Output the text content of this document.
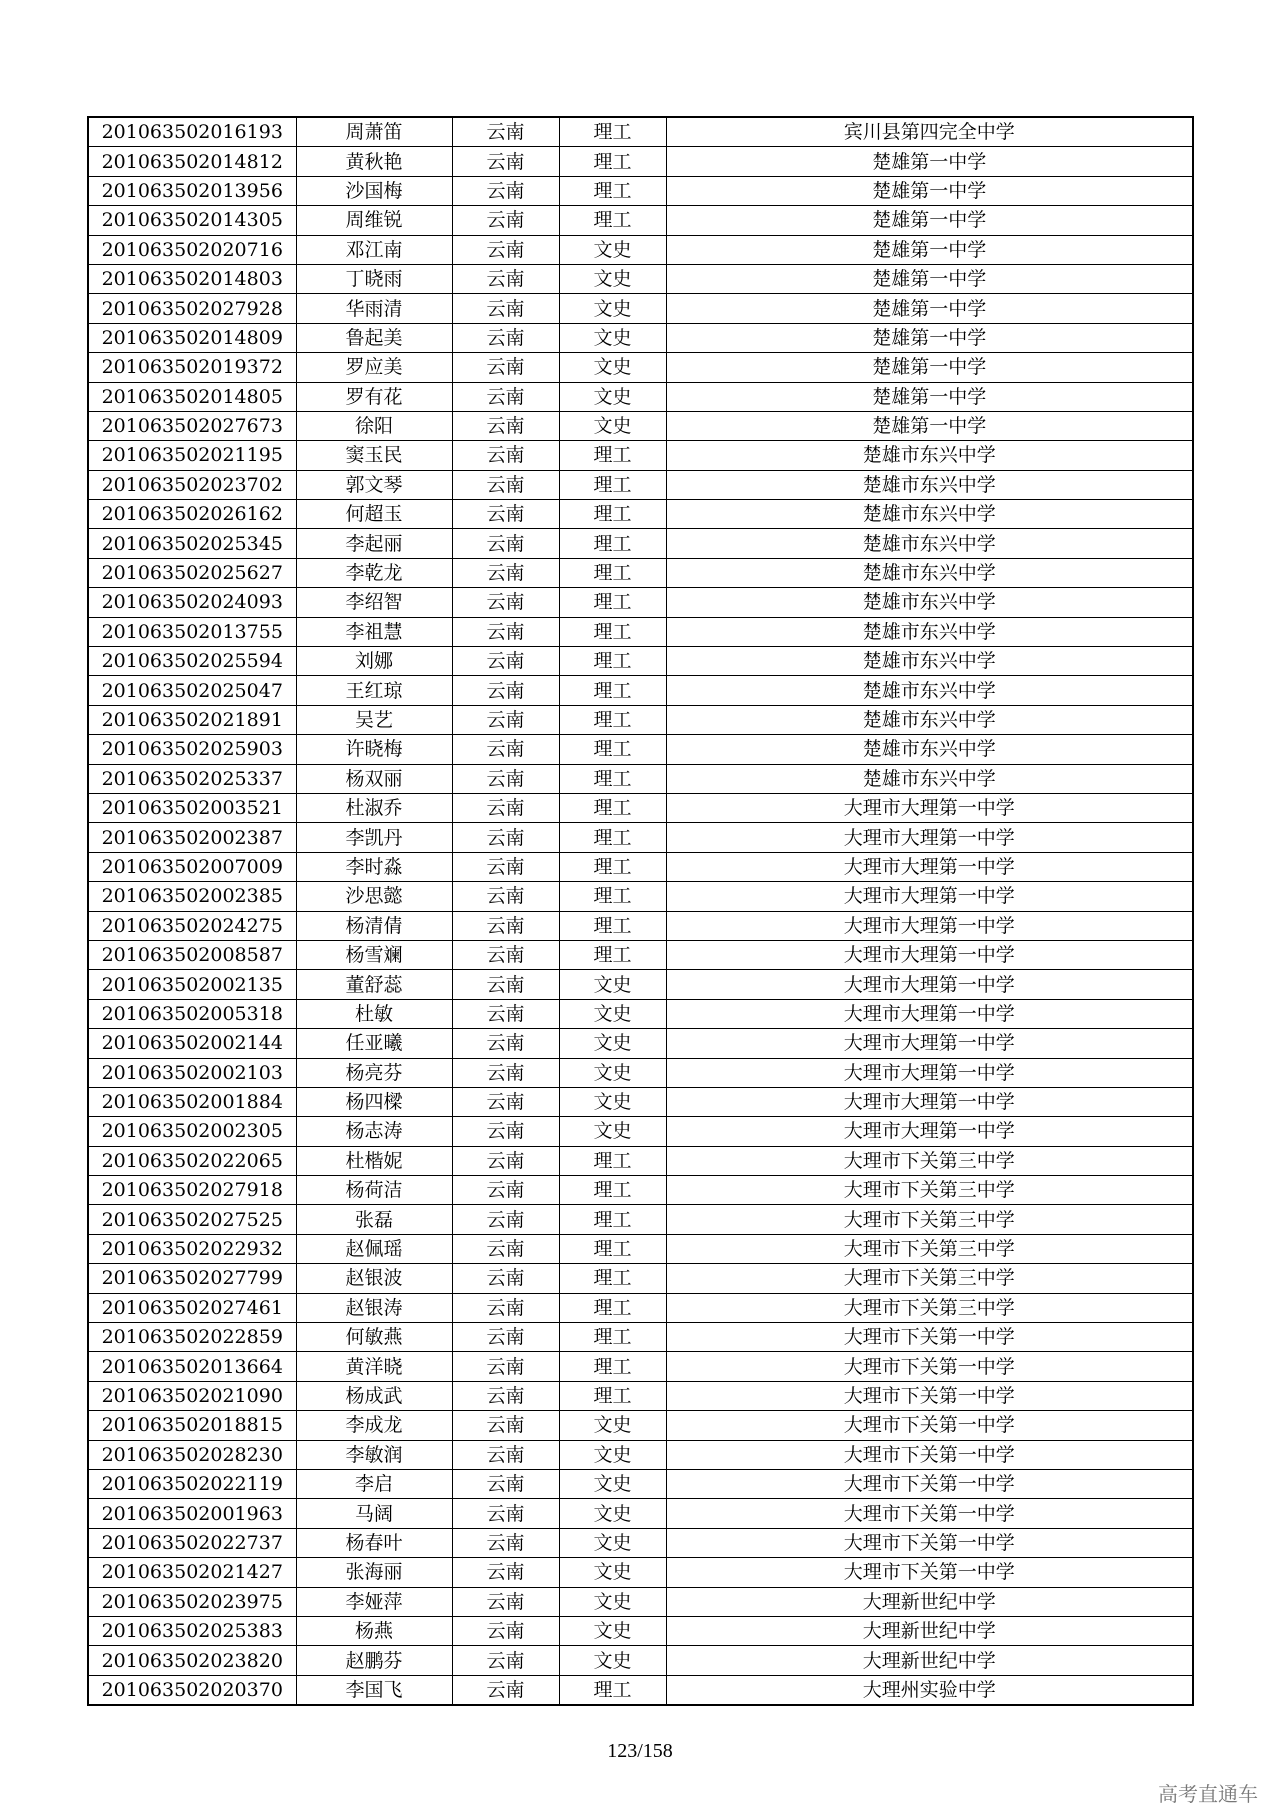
201063502016193	周萧笛	云南	理工	宾川县第四完全中学
201063502014812	黄秋艳	云南	理工	楚雄第一中学
201063502013956	沙国梅	云南	理工	楚雄第一中学
201063502014305	周维锐	云南	理工	楚雄第一中学
201063502020716	邓江南	云南	文史	楚雄第一中学
201063502014803	丁晓雨	云南	文史	楚雄第一中学
201063502027928	华雨清	云南	文史	楚雄第一中学
201063502014809	鲁起美	云南	文史	楚雄第一中学
201063502019372	罗应美	云南	文史	楚雄第一中学
201063502014805	罗有花	云南	文史	楚雄第一中学
201063502027673	徐阳	云南	文史	楚雄第一中学
201063502021195	窦玉民	云南	理工	楚雄市东兴中学
201063502023702	郭文琴	云南	理工	楚雄市东兴中学
201063502026162	何超玉	云南	理工	楚雄市东兴中学
201063502025345	李起丽	云南	理工	楚雄市东兴中学
201063502025627	李乾龙	云南	理工	楚雄市东兴中学
201063502024093	李绍智	云南	理工	楚雄市东兴中学
201063502013755	李祖慧	云南	理工	楚雄市东兴中学
201063502025594	刘娜	云南	理工	楚雄市东兴中学
201063502025047	王红琼	云南	理工	楚雄市东兴中学
201063502021891	吴艺	云南	理工	楚雄市东兴中学
201063502025903	许晓梅	云南	理工	楚雄市东兴中学
201063502025337	杨双丽	云南	理工	楚雄市东兴中学
201063502003521	杜淑乔	云南	理工	大理市大理第一中学
201063502002387	李凯丹	云南	理工	大理市大理第一中学
201063502007009	李时淼	云南	理工	大理市大理第一中学
201063502002385	沙思懿	云南	理工	大理市大理第一中学
201063502024275	杨清倩	云南	理工	大理市大理第一中学
201063502008587	杨雪斓	云南	理工	大理市大理第一中学
201063502002135	董舒蕊	云南	文史	大理市大理第一中学
201063502005318	杜敏	云南	文史	大理市大理第一中学
201063502002144	任亚曦	云南	文史	大理市大理第一中学
201063502002103	杨亮芬	云南	文史	大理市大理第一中学
201063502001884	杨四樑	云南	文史	大理市大理第一中学
201063502002305	杨志涛	云南	文史	大理市大理第一中学
201063502022065	杜楷妮	云南	理工	大理市下关第三中学
201063502027918	杨荷洁	云南	理工	大理市下关第三中学
201063502027525	张磊	云南	理工	大理市下关第三中学
201063502022932	赵佩瑶	云南	理工	大理市下关第三中学
201063502027799	赵银波	云南	理工	大理市下关第三中学
201063502027461	赵银涛	云南	理工	大理市下关第三中学
201063502022859	何敏燕	云南	理工	大理市下关第一中学
201063502013664	黄洋晓	云南	理工	大理市下关第一中学
201063502021090	杨成武	云南	理工	大理市下关第一中学
201063502018815	李成龙	云南	文史	大理市下关第一中学
201063502028230	李敏润	云南	文史	大理市下关第一中学
201063502022119	李启	云南	文史	大理市下关第一中学
201063502001963	马阔	云南	文史	大理市下关第一中学
201063502022737	杨春叶	云南	文史	大理市下关第一中学
201063502021427	张海丽	云南	文史	大理市下关第一中学
201063502023975	李娅萍	云南	文史	大理新世纪中学
201063502025383	杨燕	云南	文史	大理新世纪中学
201063502023820	赵鹏芬	云南	文史	大理新世纪中学
201063502020370	李国飞	云南	理工	大理州实验中学
123/158
高考直通车
